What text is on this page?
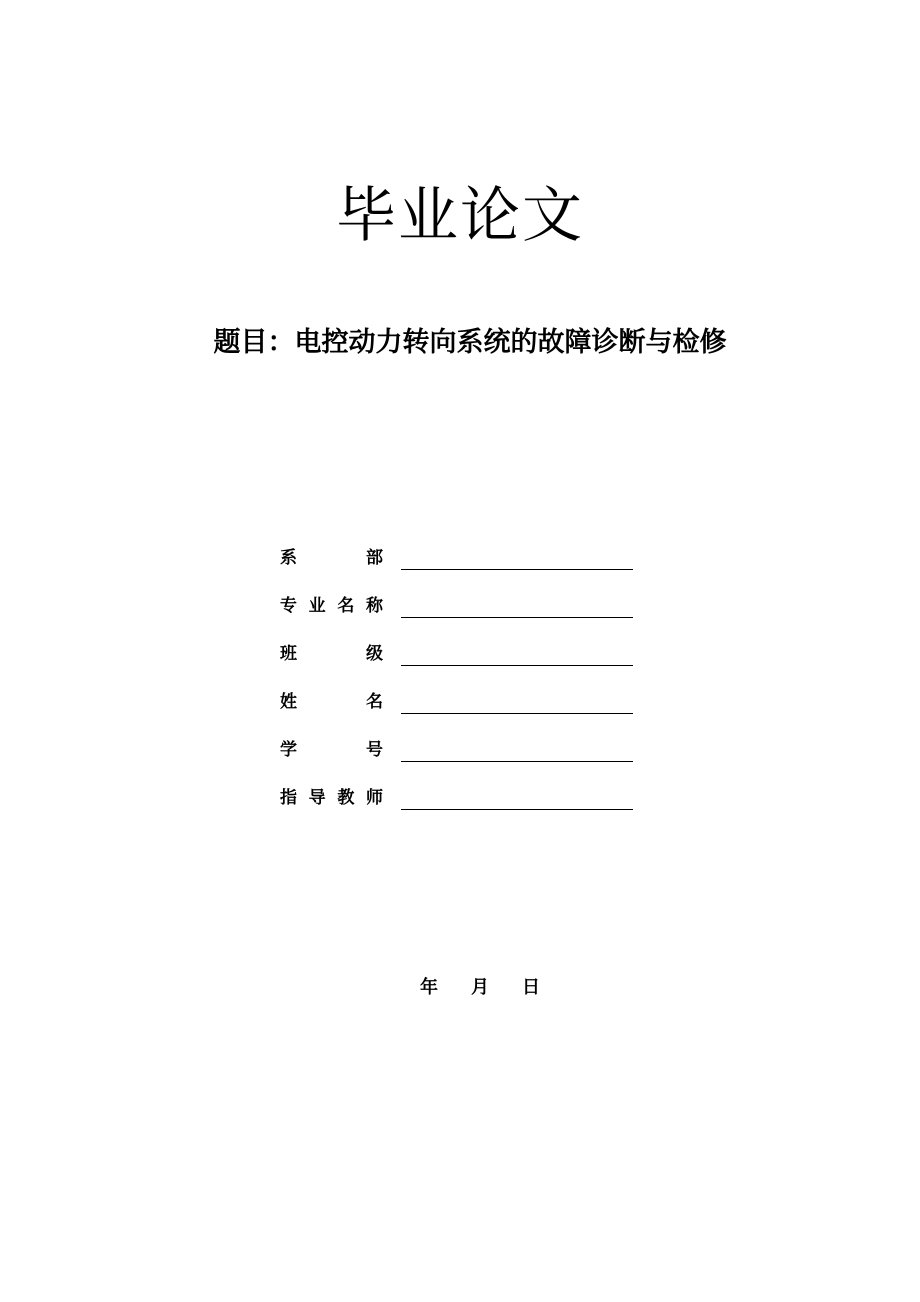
毕业论文
题目：电控动力转向系统的故障诊断与检修
系	部
专 业 名 称
班	级
姓	名
学	号
指 导 教 师
年 月 日
